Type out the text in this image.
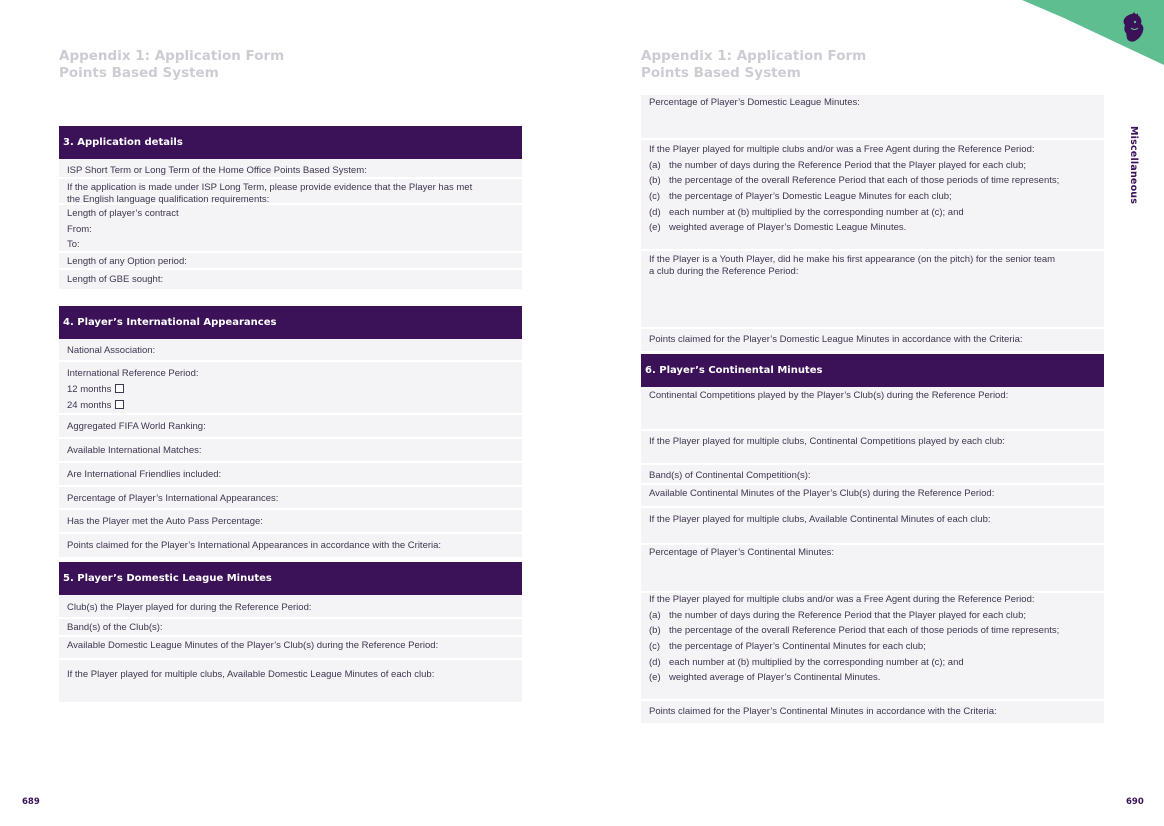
Appendix 1: Application Form
Points Based System
3. Application details
ISP Short Term or Long Term of the Home Office Points Based System:
If the application is made under ISP Long Term, please provide evidence that the Player has met
the English language qualification requirements:
Length of player’s contract
From:
To:
Length of any Option period:
Length of GBE sought:
4. Player’s International Appearances
National Association:
International Reference Period:
12 months
24 months
Aggregated FIFA World Ranking:
Available International Matches:
Are International Friendlies included:
Percentage of Player’s International Appearances:
Has the Player met the Auto Pass Percentage:
Points claimed for the Player’s International Appearances in accordance with the Criteria:
5. Player’s Domestic League Minutes
Club(s) the Player played for during the Reference Period:
Band(s) of the Club(s):
Available Domestic League Minutes of the Player’s Club(s) during the Reference Period:
If the Player played for multiple clubs, Available Domestic League Minutes of each club:
689
Appendix 1: Application Form
Points Based System
Miscellaneous
Percentage of Player’s Domestic League Minutes:
If the Player played for multiple clubs and/or was a Free Agent during the Reference Period:
(a) the number of days during the Reference Period that the Player played for each club;
(b) the percentage of the overall Reference Period that each of those periods of time represents;
(c) the percentage of Player’s Domestic League Minutes for each club;
(d) each number at (b) multiplied by the corresponding number at (c); and
(e) weighted average of Player’s Domestic League Minutes.
If the Player is a Youth Player, did he make his first appearance (on the pitch) for the senior team
a club during the Reference Period:
Points claimed for the Player’s Domestic League Minutes in accordance with the Criteria:
6. Player’s Continental Minutes
Continental Competitions played by the Player’s Club(s) during the Reference Period:
If the Player played for multiple clubs, Continental Competitions played by each club:
Band(s) of Continental Competition(s):
Available Continental Minutes of the Player’s Club(s) during the Reference Period:
If the Player played for multiple clubs, Available Continental Minutes of each club:
Percentage of Player’s Continental Minutes:
If the Player played for multiple clubs and/or was a Free Agent during the Reference Period:
(a) the number of days during the Reference Period that the Player played for each club;
(b) the percentage of the overall Reference Period that each of those periods of time represents;
(c) the percentage of Player’s Continental Minutes for each club;
(d) each number at (b) multiplied by the corresponding number at (c); and
(e) weighted average of Player’s Continental Minutes.
Points claimed for the Player’s Continental Minutes in accordance with the Criteria:
690
